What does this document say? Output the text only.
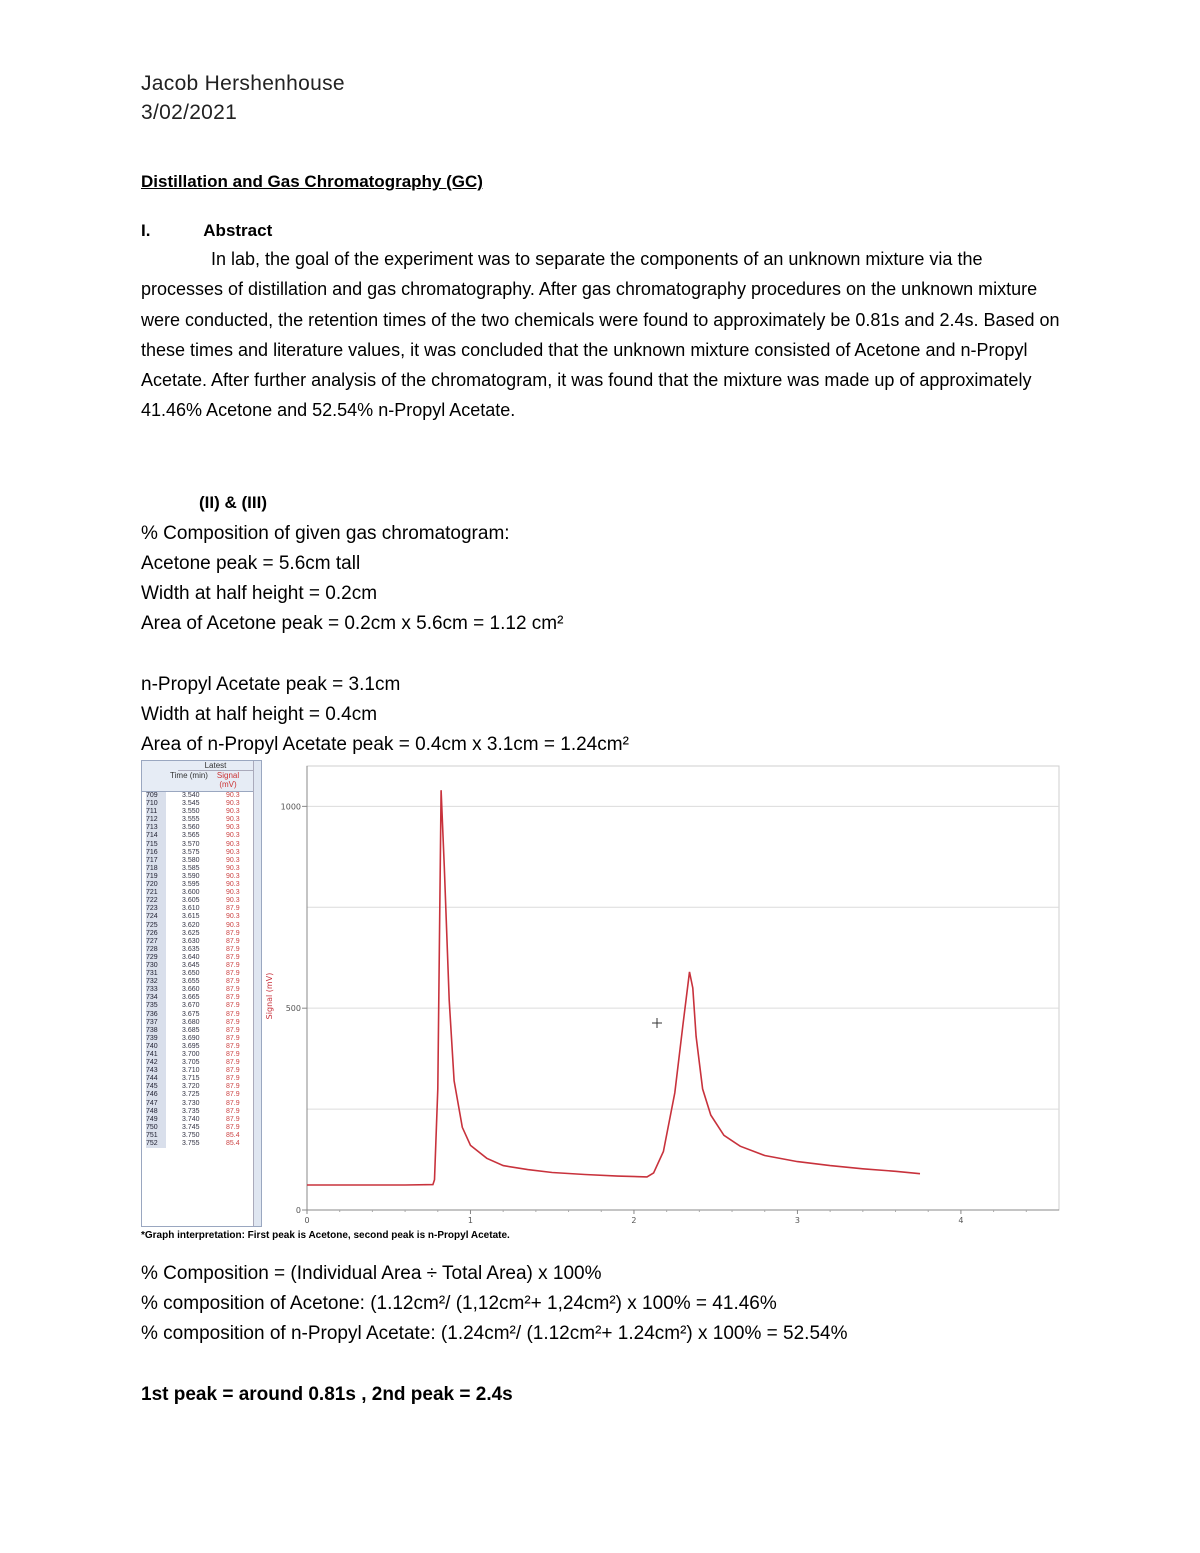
Jacob Hershenhouse
3/02/2021
Distillation and Gas Chromatography (GC)
I.	Abstract
In lab, the goal of the experiment was to separate the components of an unknown mixture via the processes of distillation and gas chromatography. After gas chromatography procedures on the unknown mixture were conducted, the retention times of the two chemicals were found to approximately be 0.81s and 2.4s. Based on these times and literature values, it was concluded that the unknown mixture consisted of Acetone and n-Propyl Acetate. After further analysis of the chromatogram, it was found that the mixture was made up of approximately 41.46% Acetone and 52.54% n-Propyl Acetate.
(II) & (III)
% Composition of given gas chromatogram:
Acetone peak = 5.6cm tall
Width at half height = 0.2cm
Area of Acetone peak = 0.2cm x 5.6cm = 1.12 cm²
n-Propyl Acetate peak = 3.1cm
Width at half height = 0.4cm
Area of n-Propyl Acetate peak = 0.4cm x 3.1cm = 1.24cm²
Latest
Time (min)	Signal (mV)
709	3.540	90.3
710	3.545	90.3
711	3.550	90.3
712	3.555	90.3
713	3.560	90.3
714	3.565	90.3
715	3.570	90.3
716	3.575	90.3
717	3.580	90.3
718	3.585	90.3
719	3.590	90.3
720	3.595	90.3
721	3.600	90.3
722	3.605	90.3
723	3.610	87.9
724	3.615	90.3
725	3.620	90.3
726	3.625	87.9
727	3.630	87.9
728	3.635	87.9
729	3.640	87.9
730	3.645	87.9
731	3.650	87.9
732	3.655	87.9
733	3.660	87.9
734	3.665	87.9
735	3.670	87.9
736	3.675	87.9
737	3.680	87.9
738	3.685	87.9
739	3.690	87.9
740	3.695	87.9
741	3.700	87.9
742	3.705	87.9
743	3.710	87.9
744	3.715	87.9
745	3.720	87.9
746	3.725	87.9
747	3.730	87.9
748	3.735	87.9
749	3.740	87.9
750	3.745	87.9
751	3.750	85.4
752	3.755	85.4
0	1	2	3	4
0
500
1000
Signal (mV)
*Graph interpretation: First peak is Acetone, second peak is n-Propyl Acetate.
% Composition = (Individual Area ÷ Total Area) x 100%
% composition of Acetone: (1.12cm²/ (1,12cm²+ 1,24cm²) x 100% = 41.46%
% composition of n-Propyl Acetate: (1.24cm²/ (1.12cm²+ 1.24cm²) x 100% = 52.54%
1st peak = around 0.81s , 2nd peak = 2.4s
